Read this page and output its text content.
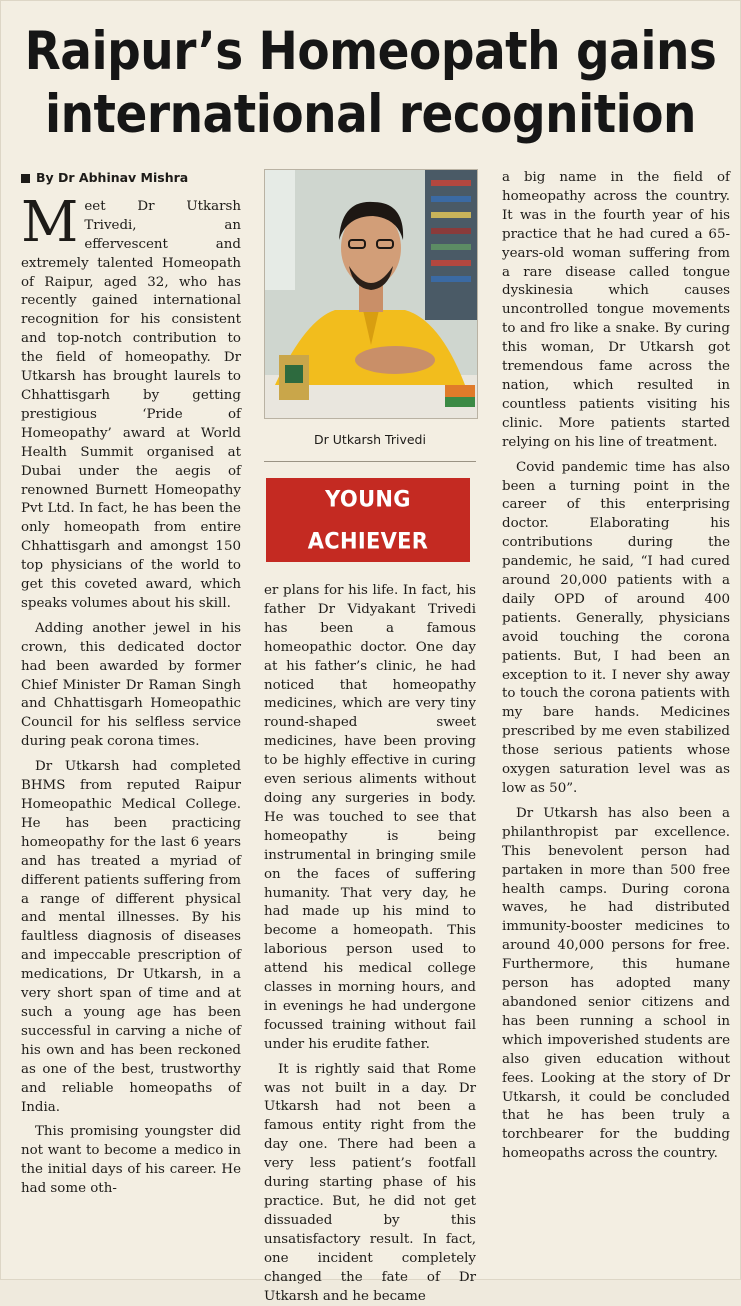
Raipur’s Homeopath gains
international recognition
By Dr Abhinav Mishra

Meet Dr Utkarsh Trivedi, an effervescent and extremely talented Homeopath of Raipur, aged 32, who has recently gained international recognition for his consistent and top-notch contribution to the field of homeopathy. Dr Utkarsh has brought laurels to Chhattisgarh by getting prestigious ‘Pride of Homeopathy’ award at World Health Summit organised at Dubai under the aegis of renowned Burnett Homeopathy Pvt Ltd. In fact, he has been the only homeopath from entire Chhattisgarh and amongst 150 top physicians of the world to get this coveted award, which speaks volumes about his skill.

Adding another jewel in his crown, this dedicated doctor had been awarded by former Chief Minister Dr Raman Singh and Chhattisgarh Homeopathic Council for his selfless service during peak corona times.

Dr Utkarsh had completed BHMS from reputed Raipur Homeopathic Medical College. He has been practicing homeopathy for the last 6 years and has treated a myriad of different patients suffering from a range of different physical and mental illnesses. By his faultless diagnosis of diseases and impeccable prescription of medications, Dr Utkarsh, in a very short span of time and at such a young age has been successful in carving a niche of his own and has been reckoned as one of the best, trustworthy and reliable homeopaths of India.

This promising youngster did not want to become a medico in the initial days of his career. He had some oth-

Dr Utkarsh Trivedi
YOUNG ACHIEVER

er plans for his life. In fact, his father Dr Vidyakant Trivedi has been a famous homeopathic doctor. One day at his father’s clinic, he had noticed that homeopathy medicines, which are very tiny round-shaped sweet medicines, have been proving to be highly effective in curing even serious aliments without doing any surgeries in body. He was touched to see that homeopathy is being instrumental in bringing smile on the faces of suffering humanity. That very day, he had made up his mind to become a homeopath. This laborious person used to attend his medical college classes in morning hours, and in evenings he had undergone focussed training without fail under his erudite father.

It is rightly said that Rome was not built in a day. Dr Utkarsh had not been a famous entity right from the day one. There had been a very less patient’s footfall during starting phase of his practice. But, he did not get dissuaded by this unsatisfactory result. In fact, one incident completely changed the fate of Dr Utkarsh and he became

a big name in the field of homeopathy across the country. It was in the fourth year of his practice that he had cured a 65-years-old woman suffering from a rare disease called tongue dyskinesia which causes uncontrolled tongue movements to and fro like a snake. By curing this woman, Dr Utkarsh got tremendous fame across the nation, which resulted in countless patients visiting his clinic. More patients started relying on his line of treatment.

Covid pandemic time has also been a turning point in the career of this enterprising doctor. Elaborating his contributions during the pandemic, he said, “I had cured around 20,000 patients with a daily OPD of around 400 patients. Generally, physicians avoid touching the corona patients. But, I had been an exception to it. I never shy away to touch the corona patients with my bare hands. Medicines prescribed by me even stabilized those serious patients whose oxygen saturation level was as low as 50”.

Dr Utkarsh has also been a philanthropist par excellence. This benevolent person had partaken in more than 500 free health camps. During corona waves, he had distributed immunity-booster medicines to around 40,000 persons for free. Furthermore, this humane person has adopted many abandoned senior citizens and has been running a school in which impoverished students are also given education without fees. Looking at the story of Dr Utkarsh, it could be concluded that he has been truly a torchbearer for the budding homeopaths across the country.
